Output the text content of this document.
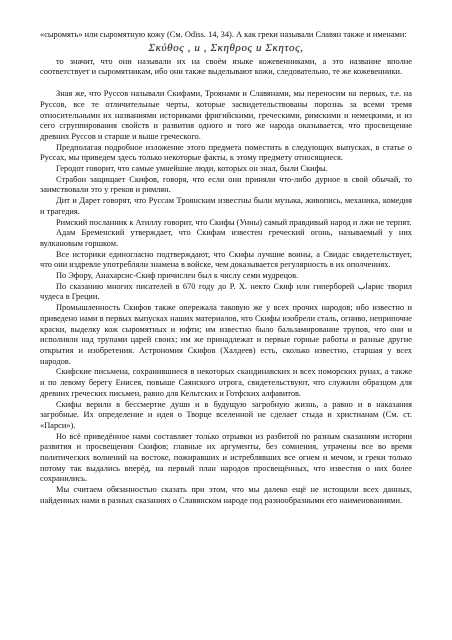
«сыромять» или сыромятную кожу (См. Odiss. 14, 34). А как греки называли Славян также и именами:

Σκύθος , и , Σκηθρος и Σκητος,

то значит, что они называли их на своём языке кожевенниками, а это название вполне соответствует и сыромятникам, ибо они также выделывают кожи, следовательно, те же кожевенники.

Зная же, что Руссов называли Скифами, Троянами и Славянами, мы переносим на первых, т.е. на Руссов, все те отличительные черты, которые засвидетельствованы порознь за всеми тремя относительными их названиями историками фригийскими, греческими, римскими и немецкими, и из сего сгруппирования свойств и развития одного и того же народа оказывается, что просвещение древних Руссов и старше и выше греческого.

Предполагая подробное изложение этого предмета поместить в следующих выпусках, в статье о Руссах, мы приведем здесь только некоторые факты, к этому предмету относящиеся.

Геродот говорит, что самые умнейшие люди, которых он знал, были Скифы.

Страбон защищает Скифов, говоря, что если они приняли что-либо дурное в свой обычай, то заимствовали это у греков и римлян.

Дит и Дарет говорят, что Руссам Троянским известны были музыка, живопись, механика, комедия и трагедия.

Римский посланник к Атиллу говорит, что Скифы (Унны) самый правдивый народ и лжи не терпят.

Адам Бременский утверждает, что Скифам известен греческий огонь, называемый у них вулкановым горшком.

Все историки единогласно подтверждают, что Скифы лучшие воины, а Свидас свидетельствует, что они издревле употребляли знамена в войске, чем доказывается регулярность в их ополчениях.

По Эфору, Анахарсис-Скиф причислен был к числу семи мудрецов.

По сказанию многих писателей в 670 году до Р. Х. некто Скиф или гиперборей ابарис творил чудеса в Греции.

Промышленность Скифов также опережала таковую же у всех прочих народов; ибо известно и приведено нами в первых выпусках наших материалов, что Скифы изобрели сталь, огниво, неприпочне краски, выделку кож сыромятных и юфти; им известно было бальзамирование трупов, что они и исполняли над трупами царей своих; им же принадлежат и первые горные работы и разные другие открытия и изобретения. Астрономия Скифов (Халдеев) есть, сколько известно, старшая у всех народов.

Скифские письмена, сохранившиеся в некоторых скандинавских и всех поморских рунах, а также и по левому берегу Енисея, повыше Саянского отрога, свидетельствуют, что служили образцом для древних греческих письмен, равно для Кельтских и Готфских алфавитов.

Скифы верили в бессмертие души и в будущую загробную жизнь, а равно и в наказания загробные. Их определение и идея о Творце вселенной не сделает стыда и христианам (См. ст. «Парси»).

Но всё приведённое нами составляет только отрывки из разбитой по разным сказаниям истории развития и просвещения Скифов; главные их аргументы, без сомнения, утрачены все во время политических волнений на востоке, пожиравших и истреблявших все огнем и мечом, и греки только потому так выдались вперёд, на первый план народов просвещённых, что известия о них более сохранились.

Мы считаем обязанностью сказать при этом, что мы далеко ещё не истощили всех данных, найденных нами в разных сказаниях о Славянском народе под разнообразными его наименованиями.
